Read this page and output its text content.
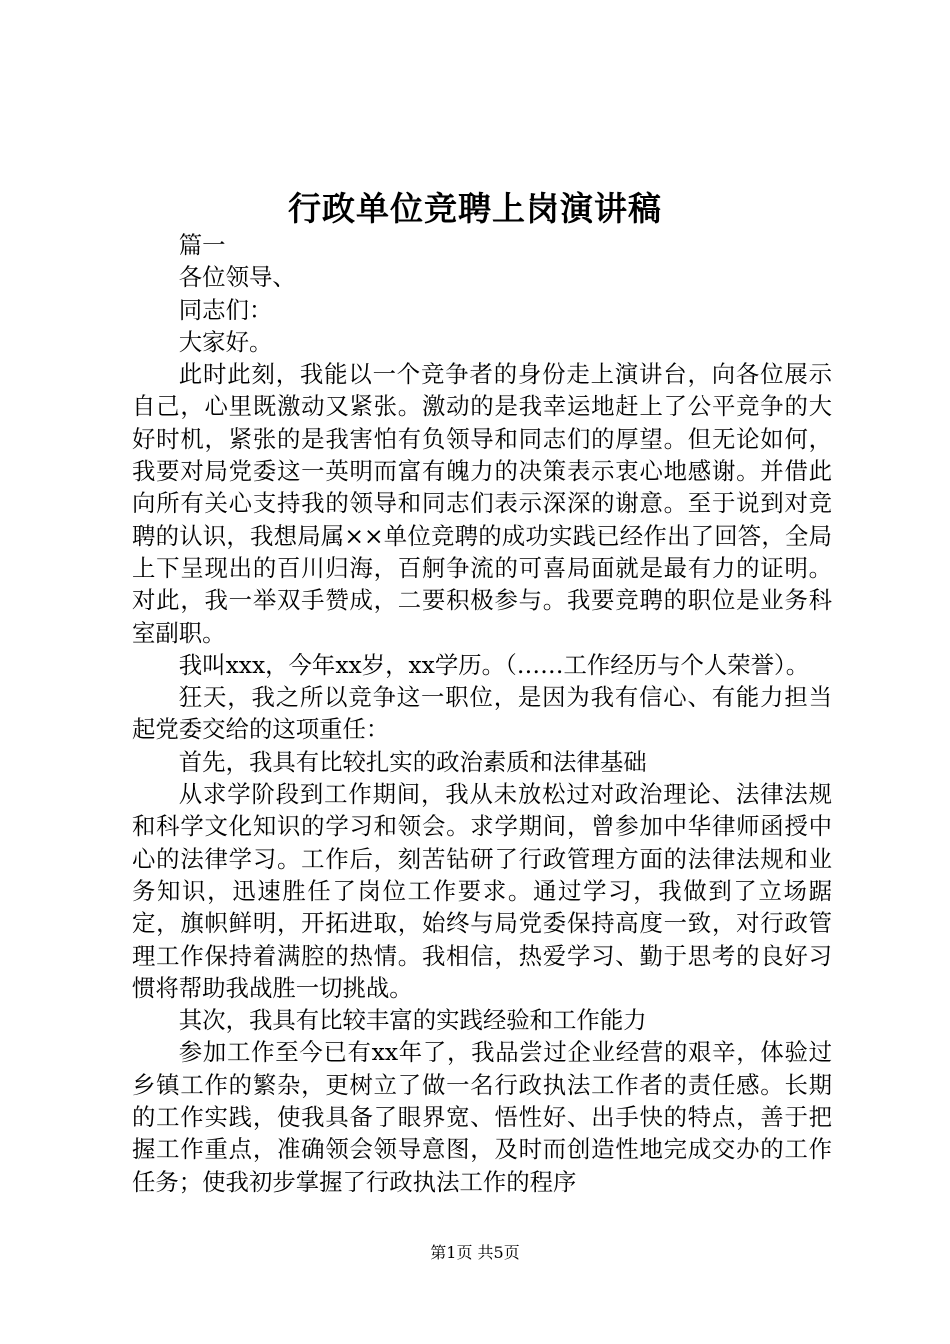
行政单位竞聘上岗演讲稿

篇一

各位领导、

同志们：

大家好。

此时此刻，我能以一个竞争者的身份走上演讲台，向各位展示自己，心里既激动又紧张。激动的是我幸运地赶上了公平竞争的大好时机，紧张的是我害怕有负领导和同志们的厚望。但无论如何，我要对局党委这一英明而富有魄力的决策表示衷心地感谢。并借此向所有关心支持我的领导和同志们表示深深的谢意。至于说到对竞聘的认识，我想局属××单位竞聘的成功实践已经作出了回答，全局上下呈现出的百川归海，百舸争流的可喜局面就是最有力的证明。对此，我一举双手赞成，二要积极参与。我要竞聘的职位是业务科室副职。

我叫xxx，今年xx岁，xx学历。（……工作经历与个人荣誉）。

狂天，我之所以竞争这一职位，是因为我有信心、有能力担当起党委交给的这项重任：

首先，我具有比较扎实的政治素质和法律基础

从求学阶段到工作期间，我从未放松过对政治理论、法律法规和科学文化知识的学习和领会。求学期间，曾参加中华律师函授中心的法律学习。工作后，刻苦钻研了行政管理方面的法律法规和业务知识，迅速胜任了岗位工作要求。通过学习，我做到了立场踞定，旗帜鲜明，开拓进取，始终与局党委保持高度一致，对行政管理工作保持着满腔的热情。我相信，热爱学习、勤于思考的良好习惯将帮助我战胜一切挑战。

其次，我具有比较丰富的实践经验和工作能力

参加工作至今已有xx年了，我品尝过企业经营的艰辛，体验过乡镇工作的繁杂，更树立了做一名行政执法工作者的责任感。长期的工作实践，使我具备了眼界宽、悟性好、出手快的特点，善于把握工作重点，准确领会领导意图，及时而创造性地完成交办的工作任务；使我初步掌握了行政执法工作的程序

第1页 共5页
